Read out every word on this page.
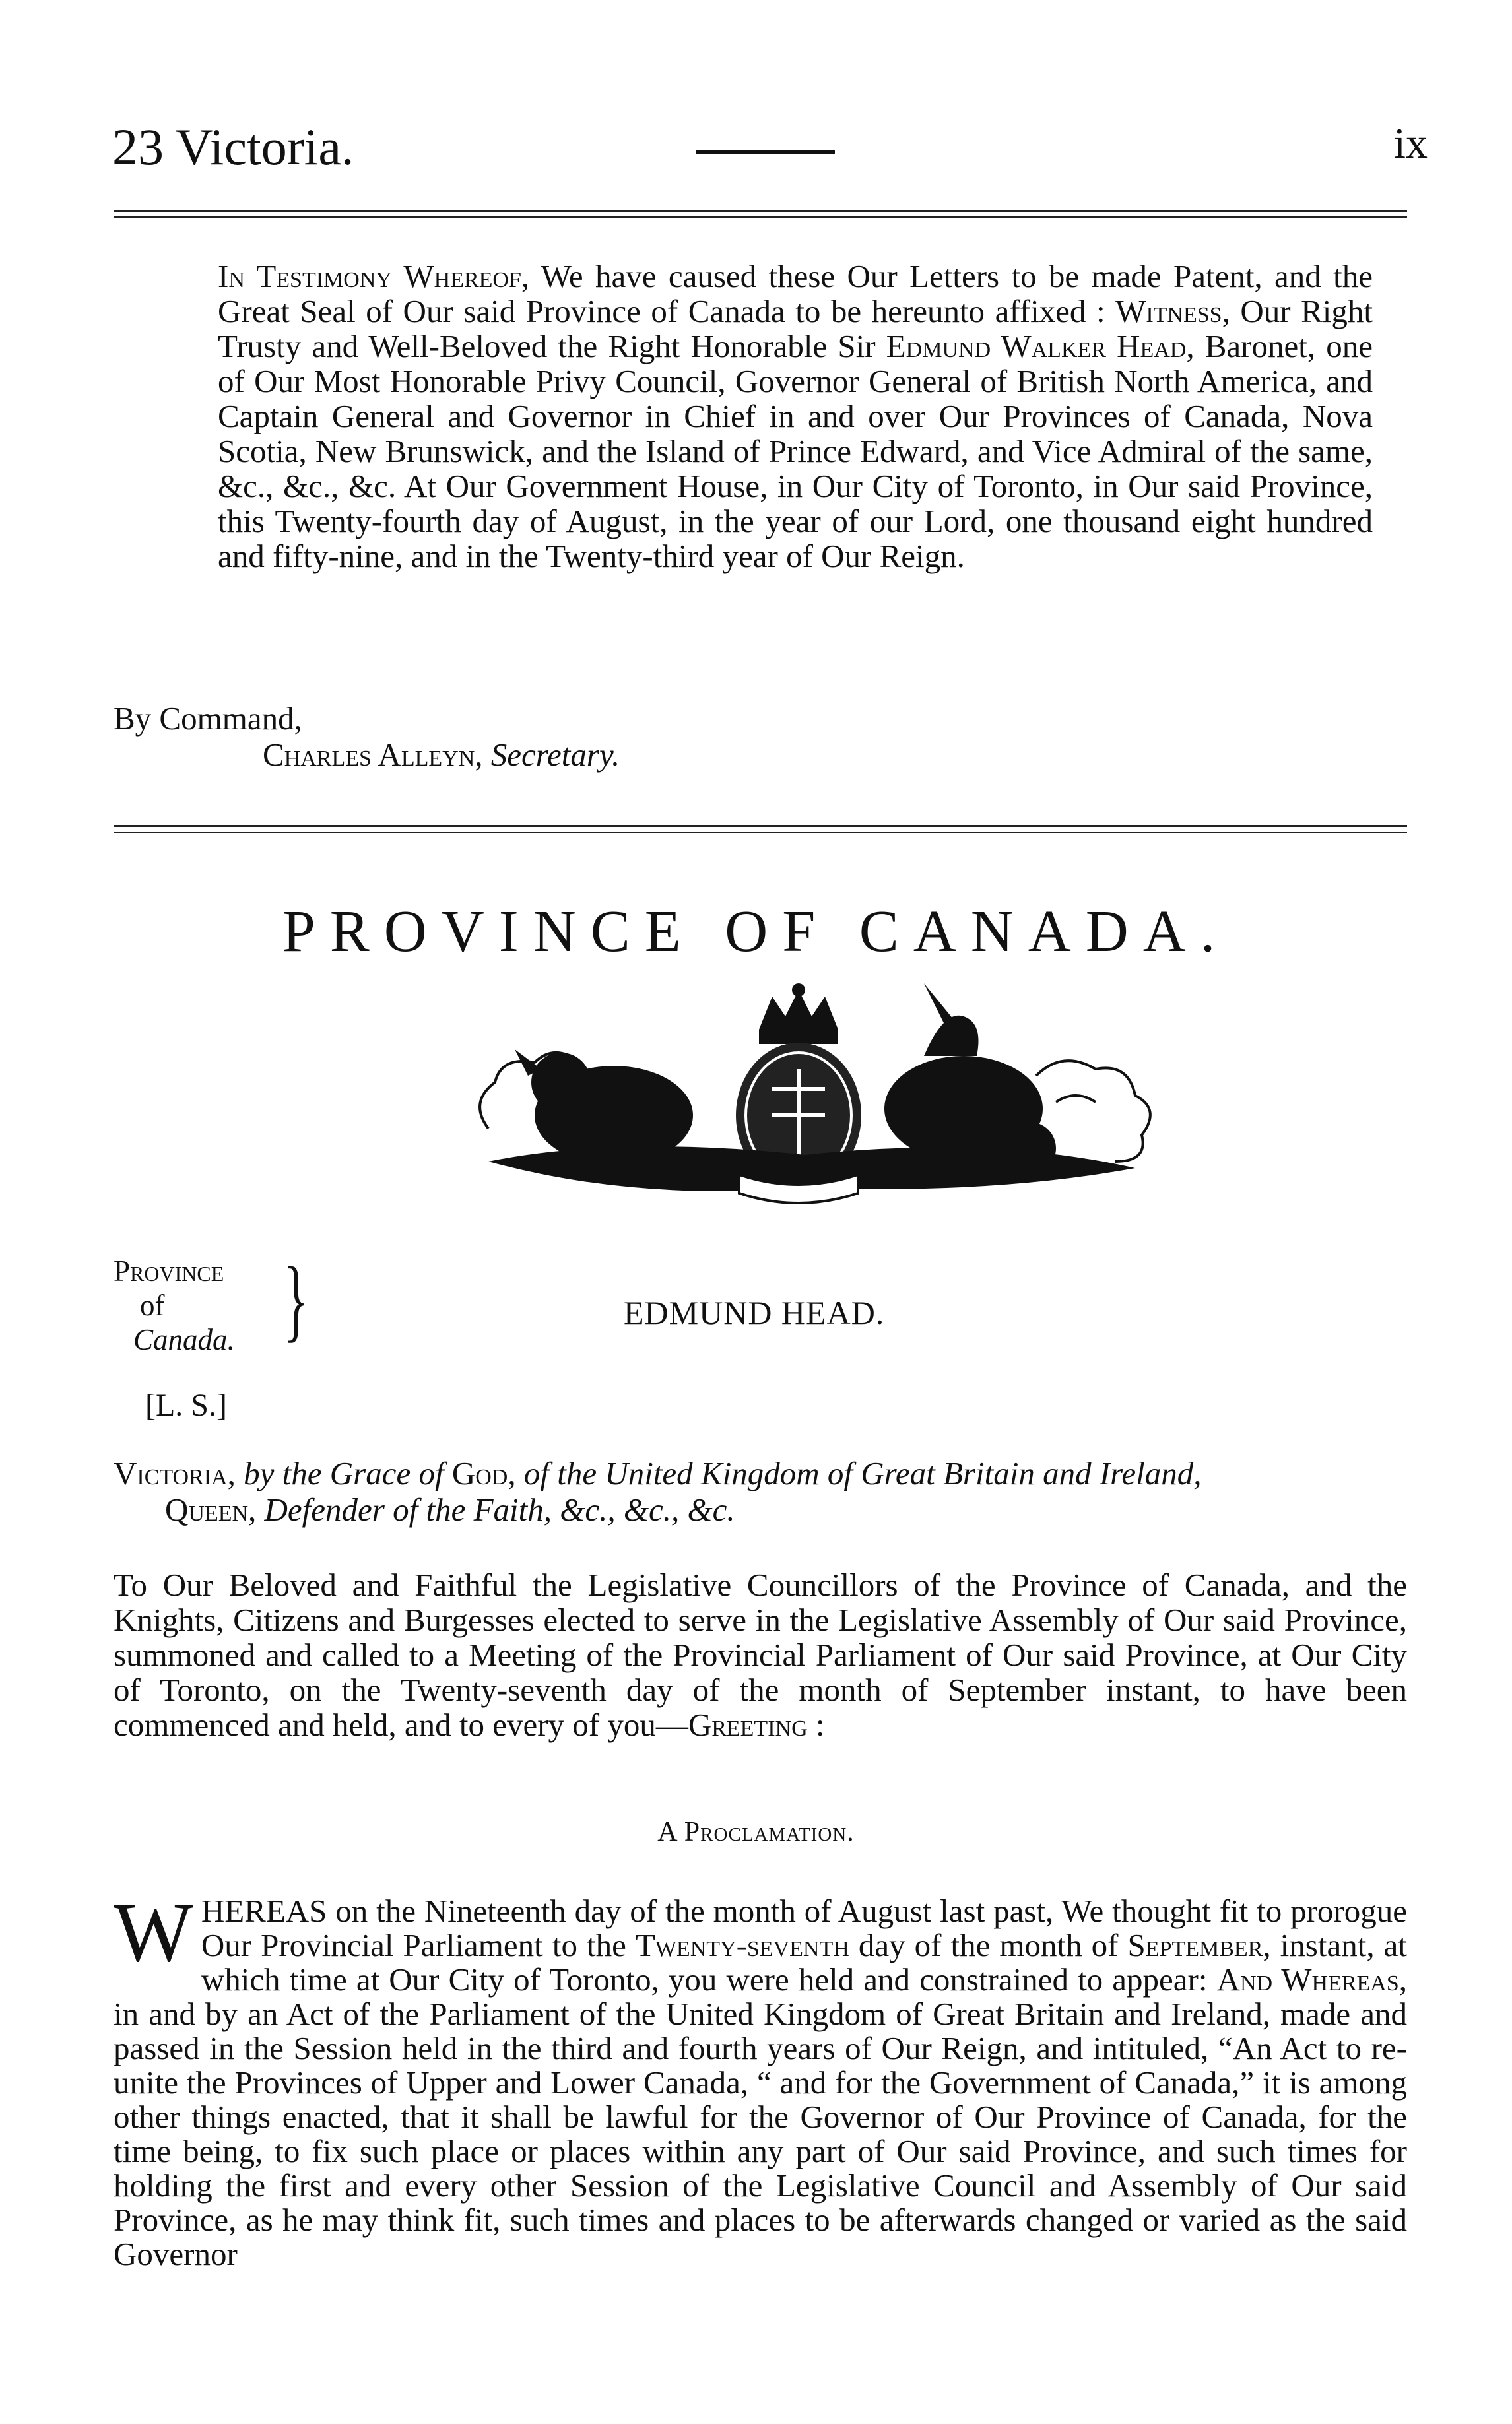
23 Victoria.	ix
In Testimony Whereof, We have caused these Our Letters to be made Patent, and the Great Seal of Our said Province of Canada to be hereunto affixed : Witness, Our Right Trusty and Well-Beloved the Right Honorable Sir Edmund Walker Head, Baronet, one of Our Most Honorable Privy Council, Governor General of British North America, and Captain General and Governor in Chief in and over Our Provinces of Canada, Nova Scotia, New Brunswick, and the Island of Prince Edward, and Vice Admiral of the same, &c., &c., &c. At Our Government House, in Our City of Toronto, in Our said Province, this Twenty-fourth day of August, in the year of our Lord, one thousand eight hundred and fifty-nine, and in the Twenty-third year of Our Reign.
By Command,
Charles Alleyn, Secretary.
PROVINCE OF CANADA.
Province
of
Canada. }
[L. S.]
EDMUND HEAD.
Victoria, by the Grace of God, of the United Kingdom of Great Britain and Ireland,
Queen, Defender of the Faith, &c., &c., &c.
To Our Beloved and Faithful the Legislative Councillors of the Province of Canada, and the Knights, Citizens and Burgesses elected to serve in the Legislative Assembly of Our said Province, summoned and called to a Meeting of the Provincial Parliament of Our said Province, at Our City of Toronto, on the Twenty-seventh day of the month of September instant, to have been commenced and held, and to every of you—Greeting :
A Proclamation.
WHEREAS on the Nineteenth day of the month of August last past, We thought fit to prorogue Our Provincial Parliament to the Twenty-seventh day of the month of September, instant, at which time at Our City of Toronto, you were held and constrained to appear: And Whereas, in and by an Act of the Parliament of the United Kingdom of Great Britain and Ireland, made and passed in the Session held in the third and fourth years of Our Reign, and intituled, “An Act to re-unite the Provinces of Upper and Lower Canada, “ and for the Government of Canada,” it is among other things enacted, that it shall be lawful for the Governor of Our Province of Canada, for the time being, to fix such place or places within any part of Our said Province, and such times for holding the first and every other Session of the Legislative Council and Assembly of Our said Province, as he may think fit, such times and places to be afterwards changed or varied as the said Governor
